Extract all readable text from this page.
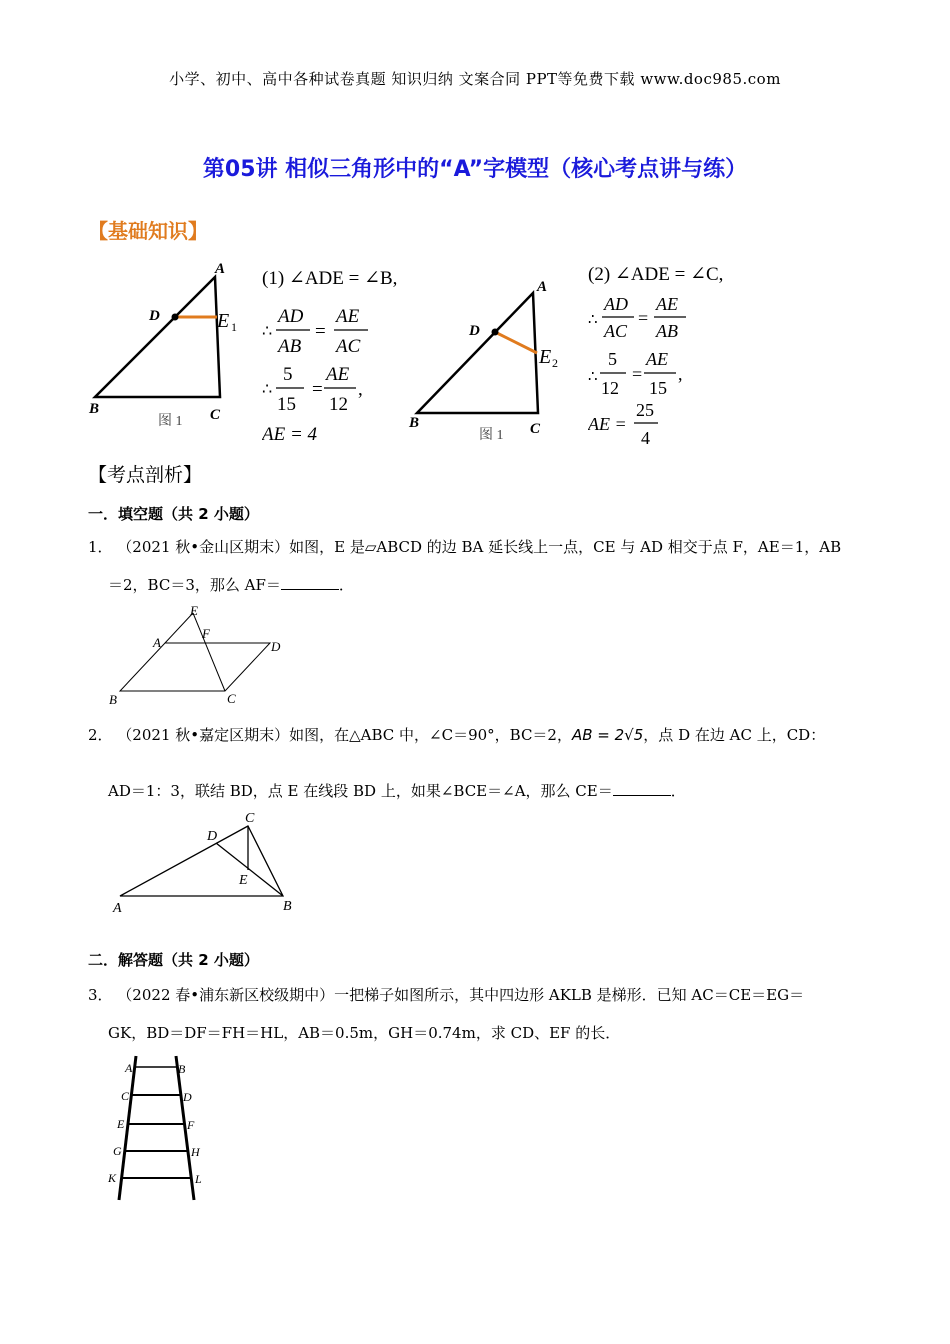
小学、初中、高中各种试卷真题 知识归纳 文案合同 PPT等免费下载 www.doc985.com
第05讲 相似三角形中的“A”字模型（核心考点讲与练）
【基础知识】
A
D	E 1
B	C
图 1
(1) ∠ADE = ∠B,
∴
AD
AB
=
AE
AC
∴
5
15
=
AE
12
,
AE = 4
A
D
E 2
B	C
图 1
(2) ∠ADE = ∠C,
∴
AD
AC
=
AE
AB
∴
5
12
=
AE
15
,
AE =
25
4
【考点剖析】
一．填空题（共 2 小题）
1． （2021 秋•金山区期末）如图，E 是▱ABCD 的边 BA 延长线上一点，CE 与 AD 相交于点 F，AE＝1，AB
＝2，BC＝3，那么 AF＝	．
E
A
F
D
B	C
2． （2021 秋•嘉定区期末）如图，在△ABC 中，∠C＝90°，BC＝2，AB = 2√5，点 D 在边 AC 上，CD：
AD＝1：3，联结 BD，点 E 在线段 BD 上，如果∠BCE＝∠A，那么 CE＝	．
C
D
E
A	B
二．解答题（共 2 小题）
3． （2022 春•浦东新区校级期中）一把梯子如图所示，其中四边形 AKLB 是梯形．已知 AC＝CE＝EG＝
GK，BD＝DF＝FH＝HL，AB＝0.5m，GH＝0.74m，求 CD、EF 的长．
A	B
C	D
E	F
G	H
K	L
